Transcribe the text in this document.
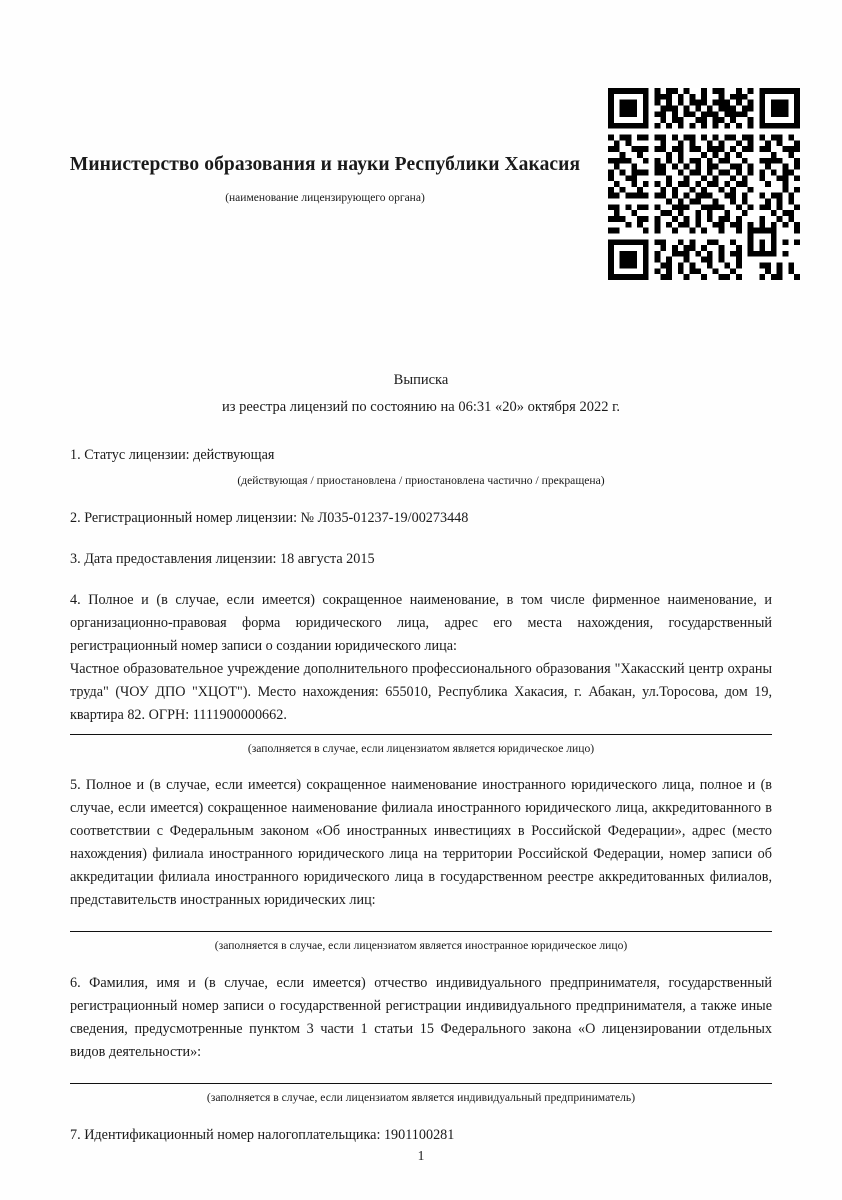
Министерство образования и науки Республики Хакасия
(наименование лицензирующего органа)
Выписка
из реестра лицензий по состоянию на 06:31 «20» октября 2022 г.
1. Статус лицензии: действующая
(действующая / приостановлена / приостановлена частично / прекращена)
2. Регистрационный номер лицензии: № Л035-01237-19/00273448
3. Дата предоставления лицензии: 18 августа 2015
4. Полное и (в случае, если имеется) сокращенное наименование, в том числе фирменное наименование, и организационно-правовая форма юридического лица, адрес его места нахождения, государственный регистрационный номер записи о создании юридического лица:
Частное образовательное учреждение дополнительного профессионального образования "Хакасский центр охраны труда" (ЧОУ ДПО "ХЦОТ"). Место нахождения: 655010, Республика Хакасия, г. Абакан, ул.Торосова, дом 19, квартира 82. ОГРН: 1111900000662.
(заполняется в случае, если лицензиатом является юридическое лицо)
5. Полное и (в случае, если имеется) сокращенное наименование иностранного юридического лица, полное и (в случае, если имеется) сокращенное наименование филиала иностранного юридического лица, аккредитованного в соответствии с Федеральным законом «Об иностранных инвестициях в Российской Федерации», адрес (место нахождения) филиала иностранного юридического лица на территории Российской Федерации, номер записи об аккредитации филиала иностранного юридического лица в государственном реестре аккредитованных филиалов, представительств иностранных юридических лиц:
(заполняется в случае, если лицензиатом является иностранное юридическое лицо)
6. Фамилия, имя и (в случае, если имеется) отчество индивидуального предпринимателя, государственный регистрационный номер записи о государственной регистрации индивидуального предпринимателя, а также иные сведения, предусмотренные пунктом 3 части 1 статьи 15 Федерального закона «О лицензировании отдельных видов деятельности»:
(заполняется в случае, если лицензиатом является индивидуальный предприниматель)
7. Идентификационный номер налогоплательщика: 1901100281
1
